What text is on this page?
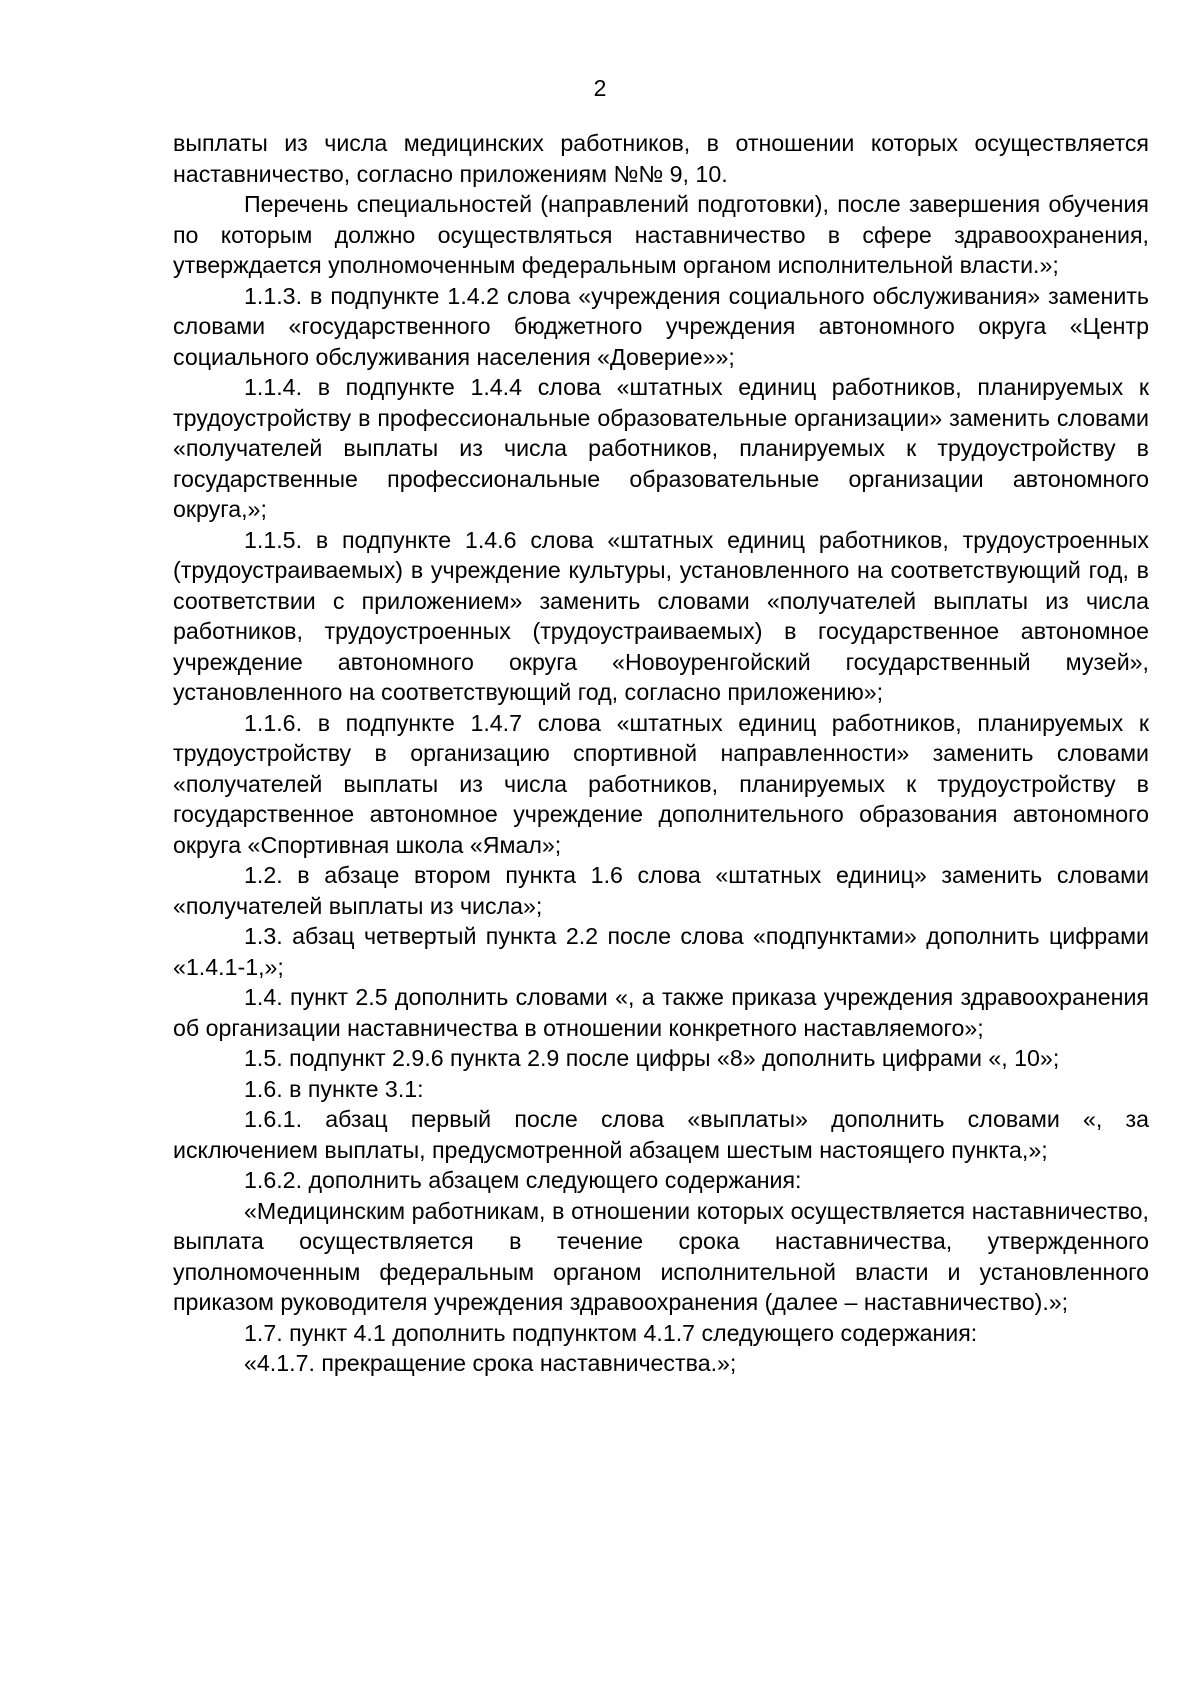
2

выплаты из числа медицинских работников, в отношении которых осуществляется наставничество, согласно приложениям №№ 9, 10.

Перечень специальностей (направлений подготовки), после завершения обучения по которым должно осуществляться наставничество в сфере здравоохранения, утверждается уполномоченным федеральным органом исполнительной власти.»;

1.1.3. в подпункте 1.4.2 слова «учреждения социального обслуживания» заменить словами «государственного бюджетного учреждения автономного округа «Центр социального обслуживания населения «Доверие»»;

1.1.4. в подпункте 1.4.4 слова «штатных единиц работников, планируемых к трудоустройству в профессиональные образовательные организации» заменить словами «получателей выплаты из числа работников, планируемых к трудоустройству в государственные профессиональные образовательные организации автономного округа,»;

1.1.5. в подпункте 1.4.6 слова «штатных единиц работников, трудоустроенных (трудоустраиваемых) в учреждение культуры, установленного на соответствующий год, в соответствии с приложением» заменить словами «получателей выплаты из числа работников, трудоустроенных (трудоустраиваемых) в государственное автономное учреждение автономного округа «Новоуренгойский государственный музей», установленного на соответствующий год, согласно приложению»;

1.1.6. в подпункте 1.4.7 слова «штатных единиц работников, планируемых к трудоустройству в организацию спортивной направленности» заменить словами «получателей выплаты из числа работников, планируемых к трудоустройству в государственное автономное учреждение дополнительного образования автономного округа «Спортивная школа «Ямал»;

1.2. в абзаце втором пункта 1.6 слова «штатных единиц» заменить словами «получателей выплаты из числа»;

1.3. абзац четвертый пункта 2.2 после слова «подпунктами» дополнить цифрами «1.4.1-1,»;

1.4. пункт 2.5 дополнить словами «, а также приказа учреждения здравоохранения об организации наставничества в отношении конкретного наставляемого»;

1.5. подпункт 2.9.6 пункта 2.9 после цифры «8» дополнить цифрами «, 10»;

1.6. в пункте 3.1:

1.6.1. абзац первый после слова «выплаты» дополнить словами «, за исключением выплаты, предусмотренной абзацем шестым настоящего пункта,»;

1.6.2. дополнить абзацем следующего содержания:

«Медицинским работникам, в отношении которых осуществляется наставничество, выплата осуществляется в течение срока наставничества, утвержденного уполномоченным федеральным органом исполнительной власти и установленного приказом руководителя учреждения здравоохранения (далее – наставничество).»;

1.7. пункт 4.1 дополнить подпунктом 4.1.7 следующего содержания:

«4.1.7. прекращение срока наставничества.»;
